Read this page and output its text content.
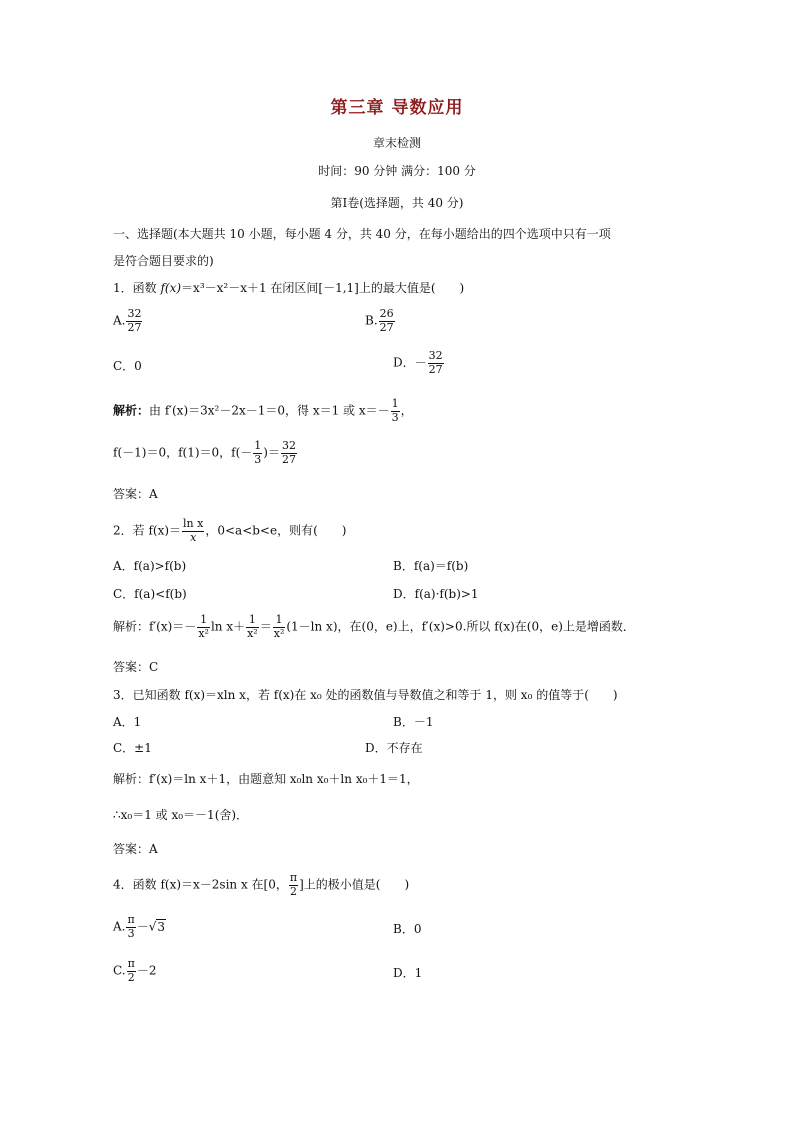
第三章 导数应用
章末检测
时间：90 分钟 满分：100 分
第Ⅰ卷(选择题，共 40 分)
一、选择题(本大题共 10 小题，每小题 4 分，共 40 分，在每小题给出的四个选项中只有一项
是符合题目要求的)
1．函数 f(x)＝x³－x²－x＋1 在闭区间[－1,1]上的最大值是(　　)
A. $\frac{32}{27}$	B. $\frac{26}{27}$
C．0	D．－ $\frac{32}{27}$
解析：由 f′(x)＝3x²－2x－1＝0，得 x＝1 或 $x=- \frac{1}{3}$ ，
f(－1)＝0，f(1)＝0，$f(- \frac{1}{3}$ )＝ $\frac{32}{27}$
答案：A
2．若 $f(x)= \frac{\text{ln x}}{x}$ ，0<a<b<e，则有(　　)
A．f(a)>f(b)	B．f(a)＝f(b)
C．f(a)<f(b)	D．f(a)·f(b)>1
解析：$f'(x)=- \frac{1}{\text{x²}}$ $\ln x+ \frac{1}{\text{x²}} = \frac{1}{\text{x²}} (1-\ln$ x)，在(0，e)上，f′(x)>0.所以 f(x)在(0，e)上是增函数．
答案：C
3．已知函数 f(x)＝xln x，若 f(x)在 x₀ 处的函数值与导数值之和等于 1，则 x₀ 的值等于(　　)
A．1	B．－1
C．±1	D．不存在
解析：f′(x)＝ln x＋1，由题意知 x₀ln x₀＋ln x₀＋1＝1，
∴x₀＝1 或 x₀＝－1(舍)．
答案：A
4．函数 f(x)＝x－2sin x 在[0， $\frac{\pi}{2}$ ]上的极小值是(　　)
A. $\frac{\pi}{3} -√3$	B．0
C. $\frac{\pi}{2} -2$	D．1
